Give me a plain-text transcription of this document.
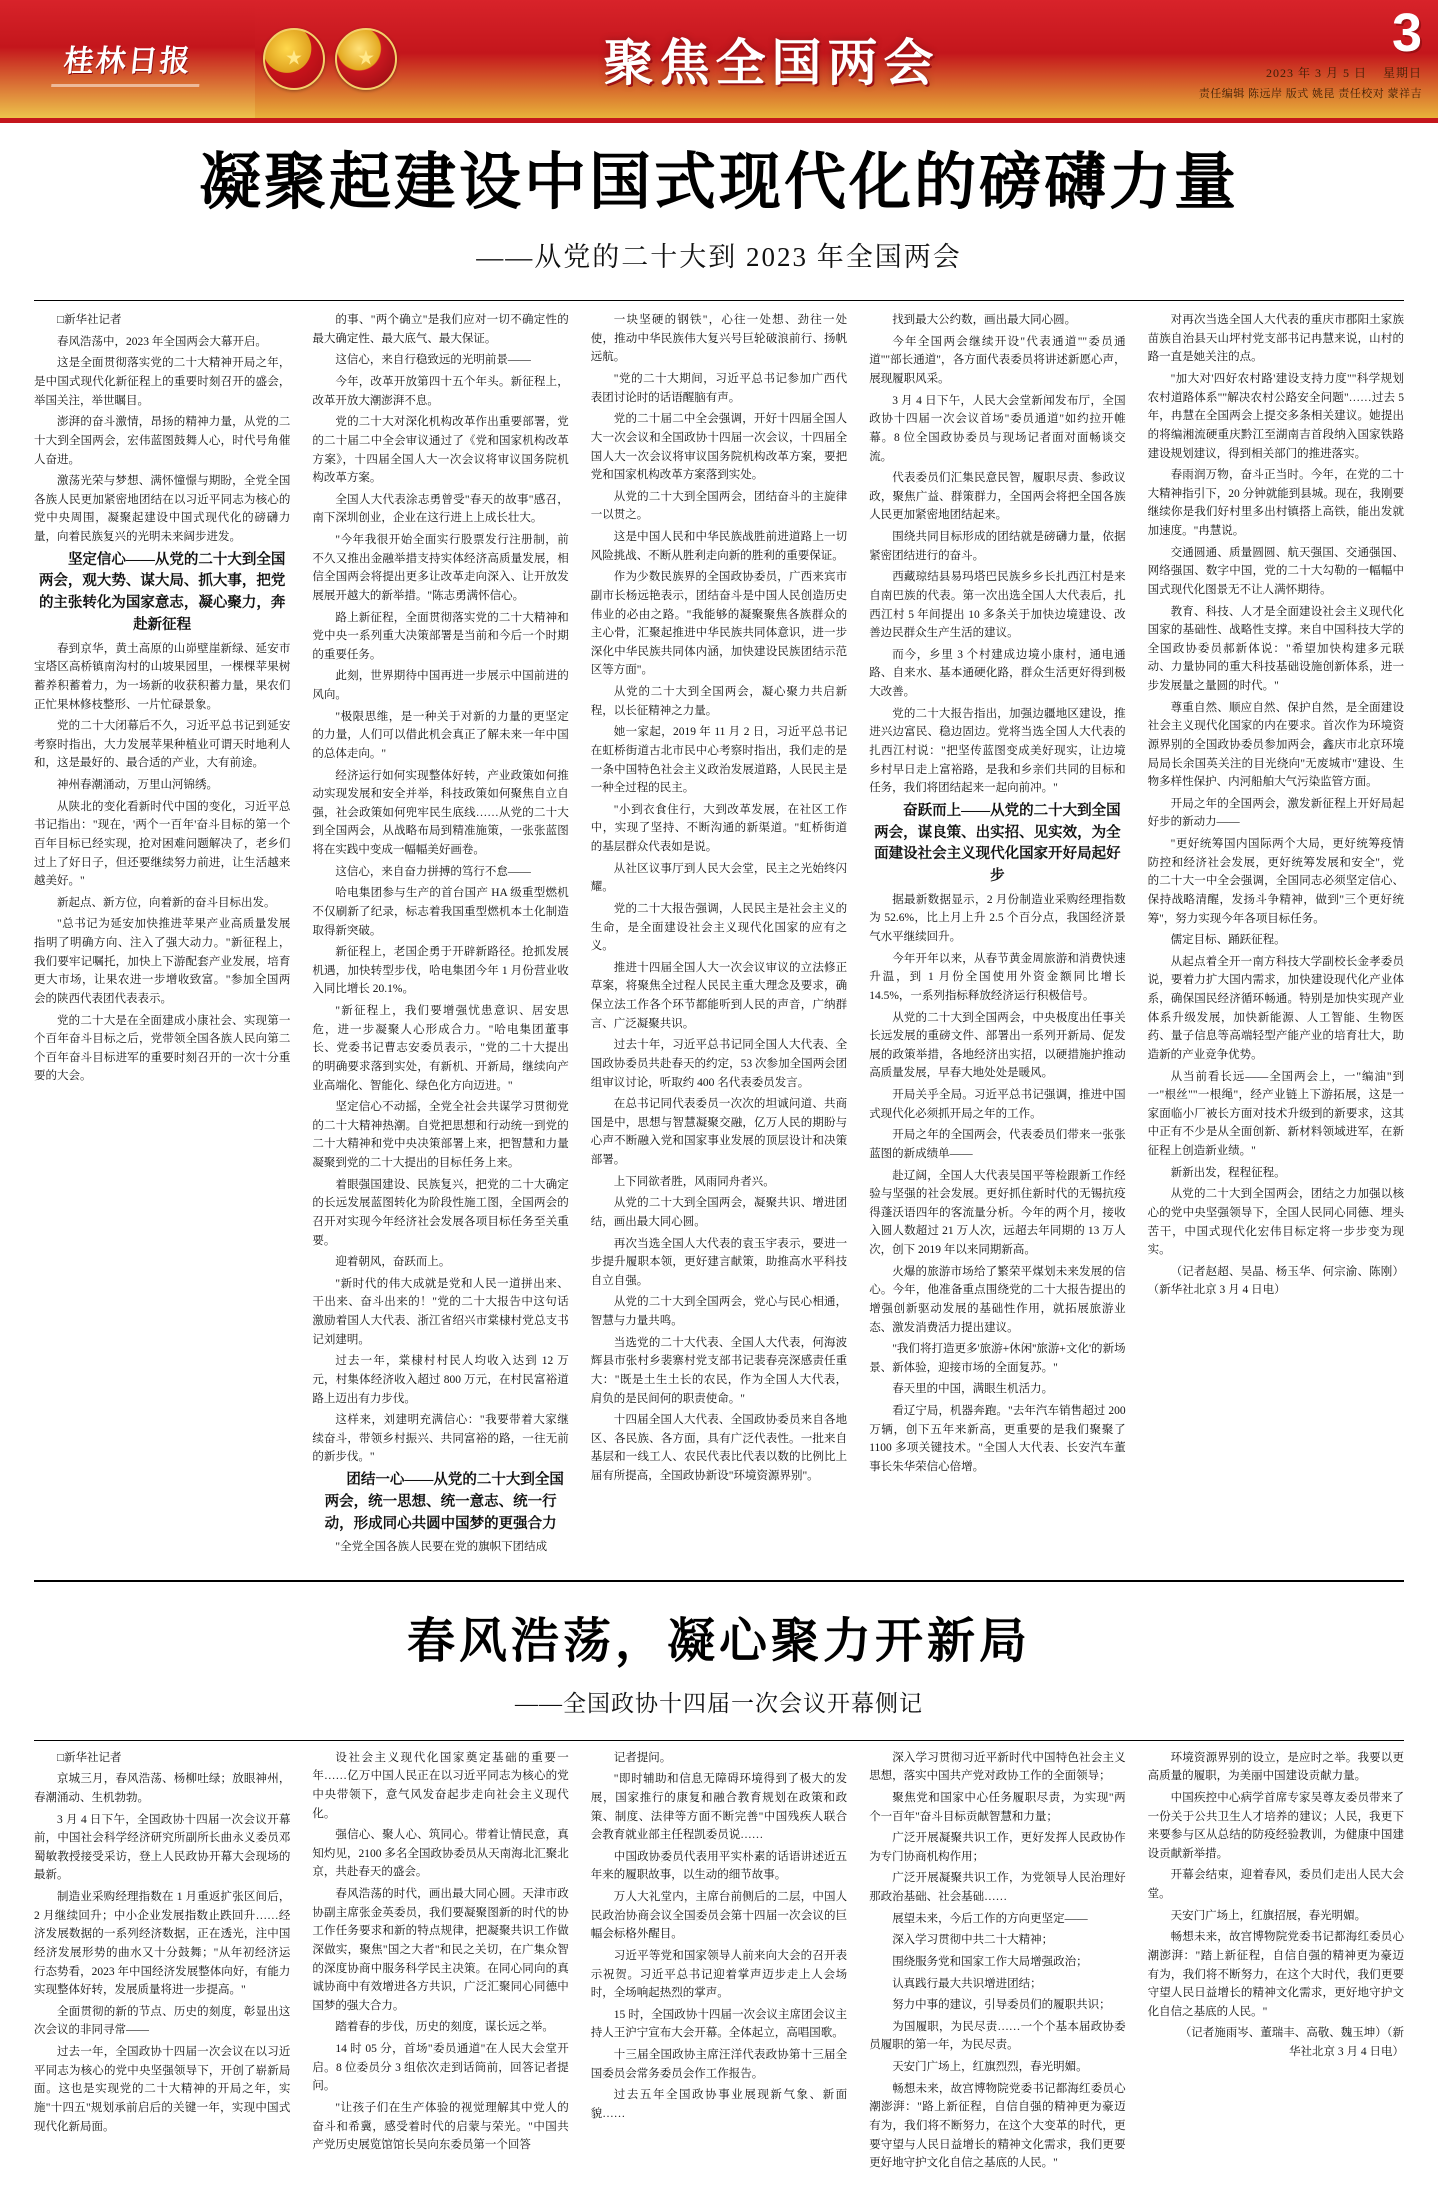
桂林日报 ★ ★	聚焦全国两会	3
2023 年 3 月 5 日 星期日
责任编辑 陈远岸 版式 姚昆 责任校对 蒙祥吉
凝聚起建设中国式现代化的磅礴力量
——从党的二十大到 2023 年全国两会

□新华社记者

春风浩荡中，2023 年全国两会大幕开启。

这是全面贯彻落实党的二十大精神开局之年，是中国式现代化新征程上的重要时刻召开的盛会，举国关注，举世瞩目。

澎湃的奋斗激情，昂扬的精神力量，从党的二十大到全国两会，宏伟蓝图鼓舞人心，时代号角催人奋进。

激荡光荣与梦想、满怀憧憬与期盼，全党全国各族人民更加紧密地团结在以习近平同志为核心的党中央周围，凝聚起建设中国式现代化的磅礴力量，向着民族复兴的光明未来阔步进发。

坚定信心——从党的二十大到全国两会，观大势、谋大局、抓大事，把党的主张转化为国家意志，凝心聚力，奔赴新征程

春到京华，黄土高原的山峁壁崖新绿、延安市宝塔区高桥镇南沟村的山坡果园里，一棵棵苹果树蓄养积蓄着力，为一场新的收获积蓄力量，果农们正忙果林修枝整形、一片忙碌景象。

党的二十大闭幕后不久，习近平总书记到延安考察时指出，大力发展苹果种植业可谓天时地利人和，这是最好的、最合适的产业，大有前途。

神州春潮涌动，万里山河锦绣。

从陕北的变化看新时代中国的变化，习近平总书记指出："现在，'两个一百年'奋斗目标的第一个百年目标已经实现，抢对困难问题解决了，老乡们过上了好日子，但还要继续努力前进，让生活越来越美好。"

新起点、新方位，向着新的奋斗目标出发。

"总书记为延安加快推进苹果产业高质量发展指明了明确方向、注入了强大动力。"新征程上，我们要牢记嘱托，加快上下游配套产业发展，培育更大市场，让果农进一步增收致富。"参加全国两会的陕西代表团代表表示。

党的二十大是在全面建成小康社会、实现第一个百年奋斗目标之后，党带领全国各族人民向第二个百年奋斗目标进军的重要时刻召开的一次十分重要的大会。

的事、"两个确立"是我们应对一切不确定性的最大确定性、最大底气、最大保证。

这信心，来自行稳致远的光明前景——

今年，改革开放第四十五个年头。新征程上，改革开放大潮澎湃不息。

党的二十大对深化机构改革作出重要部署，党的二十届二中全会审议通过了《党和国家机构改革方案》，十四届全国人大一次会议将审议国务院机构改革方案。

全国人大代表涂志勇曾受"春天的故事"感召，南下深圳创业，企业在这行进上上成长壮大。

"今年我很开始全面实行股票发行注册制，前不久又推出金融举措支持实体经济高质量发展，相信全国两会将提出更多让改革走向深入、让开放发展展开越大的新举措。"陈志勇满怀信心。

路上新征程，全面贯彻落实党的二十大精神和党中央一系列重大决策部署是当前和今后一个时期的重要任务。

此刻，世界期待中国再进一步展示中国前进的风向。

"极限思维，是一种关于对新的力量的更坚定的力量，人们可以借此机会真正了解未来一年中国的总体走向。"

经济运行如何实现整体好转，产业政策如何推动实现发展和安全并举，科技政策如何聚焦自立自强，社会政策如何兜牢民生底线……从党的二十大到全国两会，从战略布局到精准施策，一张张蓝图将在实践中变成一幅幅美好画卷。

这信心，来自奋力拼搏的笃行不怠——

哈电集团参与生产的首台国产 HA 级重型燃机不仅刷新了纪录，标志着我国重型燃机本土化制造取得新突破。

新征程上，老国企勇于开辟新路径。抢抓发展机遇，加快转型步伐，哈电集团今年 1 月份营业收入同比增长 20.1%。

"新征程上，我们要增强忧患意识、居安思危，进一步凝聚人心形成合力。"哈电集团董事长、党委书记曹志安委员表示，"党的二十大提出的明确要求落到实处，有新机、开新局，继续向产业高端化、智能化、绿色化方向迈进。"

坚定信心不动摇，全党全社会共谋学习贯彻党的二十大精神热潮。自党把思想和行动统一到党的二十大精神和党中央决策部署上来，把智慧和力量凝聚到党的二十大提出的目标任务上来。

着眼强国建设、民族复兴，把党的二十大确定的长远发展蓝图转化为阶段性施工图，全国两会的召开对实现今年经济社会发展各项目标任务至关重要。

迎着朝风，奋跃而上。

"新时代的伟大成就是党和人民一道拼出来、干出来、奋斗出来的！"党的二十大报告中这句话激励着国人大代表、浙江省绍兴市棠棣村党总支书记刘建明。

过去一年，棠棣村村民人均收入达到 12 万元，村集体经济收入超过 800 万元，在村民富裕道路上迈出有力步伐。

这样来，刘建明充满信心："我要带着大家继续奋斗，带领乡村振兴、共同富裕的路，一往无前的新步伐。"

团结一心——从党的二十大到全国两会，统一思想、统一意志、统一行动，形成同心共圆中国梦的更强合力

"全党全国各族人民要在党的旗帜下团结成

一块坚硬的钢铁"，心往一处想、劲往一处使，推动中华民族伟大复兴号巨轮破浪前行、扬帆远航。

"党的二十大期间，习近平总书记参加广西代表团讨论时的话语醒脑有声。

党的二十届二中全会强调，开好十四届全国人大一次会议和全国政协十四届一次会议，十四届全国人大一次会议将审议国务院机构改革方案，要把党和国家机构改革方案落到实处。

从党的二十大到全国两会，团结奋斗的主旋律一以贯之。

这是中国人民和中华民族战胜前进道路上一切风险挑战、不断从胜利走向新的胜利的重要保证。

作为少数民族界的全国政协委员，广西来宾市副市长杨远艳表示，团结奋斗是中国人民创造历史伟业的必由之路。"我能够的凝聚聚焦各族群众的主心骨，汇聚起推进中华民族共同体意识，进一步深化中华民族共同体内涵，加快建设民族团结示范区等方面"。

从党的二十大到全国两会，凝心聚力共启新程，以长征精神之力量。

她一家起，2019 年 11 月 2 日，习近平总书记在虹桥街道古北市民中心考察时指出，我们走的是一条中国特色社会主义政治发展道路，人民民主是一种全过程的民主。

"小到衣食住行，大到改革发展，在社区工作中，实现了坚持、不断沟通的新渠道。"虹桥街道的基层群众代表如是说。

从社区议事厅到人民大会堂，民主之光始终闪耀。

党的二十大报告强调，人民民主是社会主义的生命，是全面建设社会主义现代化国家的应有之义。

推进十四届全国人大一次会议审议的立法修正草案，将聚焦全过程人民民主重大理念及要求，确保立法工作各个环节都能听到人民的声音，广纳群言、广泛凝聚共识。

过去十年，习近平总书记同全国人大代表、全国政协委员共赴春天的约定，53 次参加全国两会团组审议讨论，听取约 400 名代表委员发言。

在总书记同代表委员一次次的坦诚问道、共商国是中，思想与智慧凝聚交融，亿万人民的期盼与心声不断融入党和国家事业发展的顶层设计和决策部署。

上下同欲者胜，风雨同舟者兴。

从党的二十大到全国两会，凝聚共识、增进团结，画出最大同心圆。

再次当选全国人大代表的袁玉宇表示，要进一步提升履职本领，更好建言献策，助推高水平科技自立自强。

从党的二十大到全国两会，党心与民心相通，智慧与力量共鸣。

当选党的二十大代表、全国人大代表，何海波辉县市张村乡裴寨村党支部书记裴春亮深感责任重大："既是土生土长的农民，作为全国人大代表，肩负的是民间何的职责使命。"

十四届全国人大代表、全国政协委员来自各地区、各民族、各方面，具有广泛代表性。一批来自基层和一线工人、农民代表比代表以数的比例比上届有所提高，全国政协新设"环境资源界别"。

找到最大公约数，画出最大同心圆。

今年全国两会继续开设"代表通道""委员通道""部长通道"，各方面代表委员将讲述新愿心声，展现履职风采。

3 月 4 日下午，人民大会堂新闻发布厅，全国政协十四届一次会议首场"委员通道"如约拉开帷幕。8 位全国政协委员与现场记者面对面畅谈交流。

代表委员们汇集民意民智，履职尽责、参政议政，聚焦广益、群策群力，全国两会将把全国各族人民更加紧密地团结起来。

围绕共同目标形成的团结就是磅礴力量，依据紧密团结进行的奋斗。

西藏琼结县易玛塔巴民族乡乡长扎西江村是来自南巴族的代表。第一次出选全国人大代表后，扎西江村 5 年间提出 10 多条关于加快边境建设、改善边民群众生产生活的建议。

而今，乡里 3 个村建成边境小康村，通电通路、自来水、基本通硬化路，群众生活更好得到极大改善。

党的二十大报告指出，加强边疆地区建设，推进兴边富民、稳边固边。党将当选全国人大代表的扎西江村说："把坚传蓝图变成美好现实，让边境乡村早日走上富裕路，是我和乡亲们共同的目标和任务，我们将团结起来一起向前冲。"

奋跃而上——从党的二十大到全国两会，谋良策、出实招、见实效，为全面建设社会主义现代化国家开好局起好步

据最新数据显示，2 月份制造业采购经理指数为 52.6%，比上月上升 2.5 个百分点，我国经济景气水平继续回升。

今年开年以来，从春节黄金周旅游和消费快速升温，到 1 月份全国使用外资金额同比增长 14.5%，一系列指标释放经济运行积极信号。

从党的二十大到全国两会，中央极度出任事关长远发展的重磅文件、部署出一系列开新局、促发展的政策举措，各地经济出实招，以硬措施护推动高质量发展，早春大地处处是暖风。

开局关乎全局。习近平总书记强调，推进中国式现代化必须抓开局之年的工作。

开局之年的全国两会，代表委员们带来一张张蓝图的新成绩单——

赴辽阔，全国人大代表吴国平等检跟新工作经验与坚强的社会发展。更好抓住新时代的无锡抗疫得蓬沃语四年的客流量分析。今年的两个月，接收入圆人数超过 21 万人次，远超去年同期的 13 万人次，创下 2019 年以来同期新高。

火爆的旅游市场给了繁荣平煤划未来发展的信心。今年，他准备重点围绕党的二十大报告提出的增强创新驱动发展的基础性作用，就拓展旅游业态、激发消费活力提出建议。

"我们将打造更多'旅游+休闲''旅游+文化'的新场景、新体验，迎接市场的全面复苏。"

春天里的中国，满眼生机活力。

看辽宁局，机器奔跑。"去年汽车销售超过 200 万辆，创下五年来新高，更重要的是我们聚聚了 1100 多项关键技术。"全国人大代表、长安汽车董事长朱华荣信心倍增。

对再次当选全国人大代表的重庆市郡阳土家族苗族自治县天山坪村党支部书记冉慧来说，山村的路一直是她关注的点。

"加大对'四好农村路'建设支持力度""科学规划农村道路体系""解决农村公路安全问题"……过去 5 年，冉慧在全国两会上提交多条相关建议。她提出的将编湘流硬重庆黔江至湖南吉首段纳入国家铁路建设规划建议，得到相关部门的推进落实。

春雨润万物，奋斗正当时。今年，在党的二十大精神指引下，20 分钟就能到县城。现在，我刚要继续你是我们好村里多出村镇搭上高铁，能出发就加速度。"冉慧说。

交通圆通、质量圆圆、航天强国、交通强国、网络强国、数字中国，党的二十大勾勒的一幅幅中国式现代化图景无不让人满怀期待。

教育、科技、人才是全面建设社会主义现代化国家的基础性、战略性支撑。来自中国科技大学的全国政协委员郝新体说："希望加快构建多元联动、力量协同的重大科技基础设施创新体系，进一步发展量之量圆的时代。"

尊重自然、顺应自然、保护自然，是全面建设社会主义现代化国家的内在要求。首次作为环境资源界别的全国政协委员参加两会，鑫庆市北京环境局局长余国英关注的目光绕向"无废城市"建设、生物多样性保护、内河船舶大气污染监管方面。

开局之年的全国两会，激发新征程上开好局起好步的新动力——

"更好统筹国内国际两个大局，更好统筹疫情防控和经济社会发展，更好统筹发展和安全"，党的二十大一中全会强调，全国同志必须坚定信心、保持战略清醒，发扬斗争精神，做到"三个更好统筹"，努力实现今年各项目标任务。

儒定目标、踊跃征程。

从起点着全开一南方科技大学副校长金孝委员说，要着力扩大国内需求，加快建设现代化产业体系，确保国民经济循环畅通。特别是加快实现产业体系升级发展，加快新能源、人工智能、生物医药、量子信息等高端轻型产能产业的培育壮大，助造新的产业竞争优势。

从当前看长远——全国两会上，一"编油"到一"根丝""一根绳"，经产业链上下游拓展，这是一家面临小厂被长方面对技术升级到的新要求，这其中正有不少是从全面创新、新材料领域进军，在新征程上创造新业绩。"

新新出发，程程征程。

从党的二十大到全国两会，团结之力加强以核心的党中央坚强领导下，全国人民同心同德、埋头苦干，中国式现代化宏伟目标定将一步步变为现实。

（记者赵超、吴晶、杨玉华、何宗渝、陈刚）（新华社北京 3 月 4 日电）

春风浩荡，凝心聚力开新局
——全国政协十四届一次会议开幕侧记

□新华社记者

京城三月，春风浩荡、杨柳吐绿；放眼神州，春潮涌动、生机勃勃。

3 月 4 日下午，全国政协十四届一次会议开幕前，中国社会科学经济研究所副所长曲永义委员邓蜀敏教授接受采访，登上人民政协开幕大会现场的最新。

制造业采购经理指数在 1 月重返扩张区间后，2 月继续回升；中小企业发展指数止跌回升……经济发展数据的一系列经济数据，正在透光，注中国经济发展形势的曲水又十分鼓舞；"从年初经济运行态势看，2023 年中国经济发展整体向好，有能力实现整体好转，发展质量将进一步提高。"

全面贯彻的新的节点、历史的刻度，彰显出这次会议的非同寻常——

过去一年，全国政协十四届一次会议在以习近平同志为核心的党中央坚强领导下，开创了崭新局面。这也是实现党的二十大精神的开局之年，实施"十四五"规划承前启后的关键一年，实现中国式现代化新局面。

设社会主义现代化国家奠定基础的重要一年……亿万中国人民正在以习近平同志为核心的党中央带领下，意气风发奋起步走向社会主义现代化。

强信心、聚人心、筑同心。带着让情民意，真知灼见，2100 多名全国政协委员从天南海北汇聚北京，共赴春天的盛会。

春风浩荡的时代，画出最大同心圆。天津市政协副主席张金英委员，我们要凝聚图新的时代的协工作任务要求和新的特点规律，把凝聚共识工作做深做实，聚焦"国之大者"和民之关切，在广集众智的深度协商中服务科学民主决策。在同心同向的真诚协商中有效增进各方共识，广泛汇聚同心同德中国梦的强大合力。

踏着春的步伐，历史的刻度，谋长远之举。

14 时 05 分，首场"委员通道"在人民大会堂开启。8 位委员分 3 组依次走到话筒前，回答记者提问。

"让孩子们在生产体验的视觉理解其中党人的奋斗和希冀，感受着时代的启蒙与荣光。"中国共产党历史展览馆馆长吴向东委员第一个回答

记者提问。

"即时辅助和信息无障碍环境得到了极大的发展，国家推行的康复和融合教育规划在政策和政策、制度、法律等方面不断完善"中国残疾人联合会教育就业部主任程凯委员说……

中国政协委员代表用平实朴素的话语讲述近五年来的履职故事，以生动的细节故事。

万人大礼堂内，主席台前侧后的二层，中国人民政治协商会议全国委员会第十四届一次会议的巨幅会标格外醒目。

习近平等党和国家领导人前来向大会的召开表示祝贺。习近平总书记迎着掌声迈步走上人会场时，全场响起热烈的掌声。

15 时，全国政协十四届一次会议主席团会议主持人王沪宁宣布大会开幕。全体起立，高唱国歌。

十三届全国政协主席汪洋代表政协第十三届全国委员会常务委员会作工作报告。

过去五年全国政协事业展现新气象、新面貌……

深入学习贯彻习近平新时代中国特色社会主义思想，落实中国共产党对政协工作的全面领导；

聚焦党和国家中心任务履职尽责，为实现"两个一百年"奋斗目标贡献智慧和力量；

广泛开展凝聚共识工作，更好发挥人民政协作为专门协商机构作用；

广泛开展凝聚共识工作，为党领导人民治理好那政治基础、社会基础……

展望未来，今后工作的方向更坚定——

深入学习贯彻中共二十大精神；

围绕服务党和国家工作大局增强政治；

认真践行最大共识增进团结；

努力中事的建议，引导委员们的履职共识；

为国履职，为民尽责……一个个基本届政协委员履职的第一年，为民尽责。

天安门广场上，红旗烈烈，春光明媚。

畅想未来，故宫博物院党委书记都海红委员心潮澎湃："路上新征程，自信自强的精神更为豪迈有为，我们将不断努力，在这个大变革的时代，更要守望与人民日益增长的精神文化需求，我们更要更好地守护文化自信之基底的人民。"

环境资源界别的设立，是应时之举。我要以更高质量的履职，为美丽中国建设贡献力量。

中国疾控中心病学首席专家吴尊友委员带来了一份关于公共卫生人才培养的建议；人民，我更下来要参与区从总结的防疫经验教训，为健康中国建设贡献新举措。

开幕会结束，迎着春风，委员们走出人民大会堂。

天安门广场上，红旗招展，春光明媚。

畅想未来，故宫博物院党委书记都海红委员心潮澎湃："踏上新征程，自信自强的精神更为豪迈有为，我们将不断努力，在这个大时代，我们更要守望人民日益增长的精神文化需求，更好地守护文化自信之基底的人民。"

（记者施雨岑、董瑞丰、高敬、魏玉坤）（新华社北京 3 月 4 日电）
